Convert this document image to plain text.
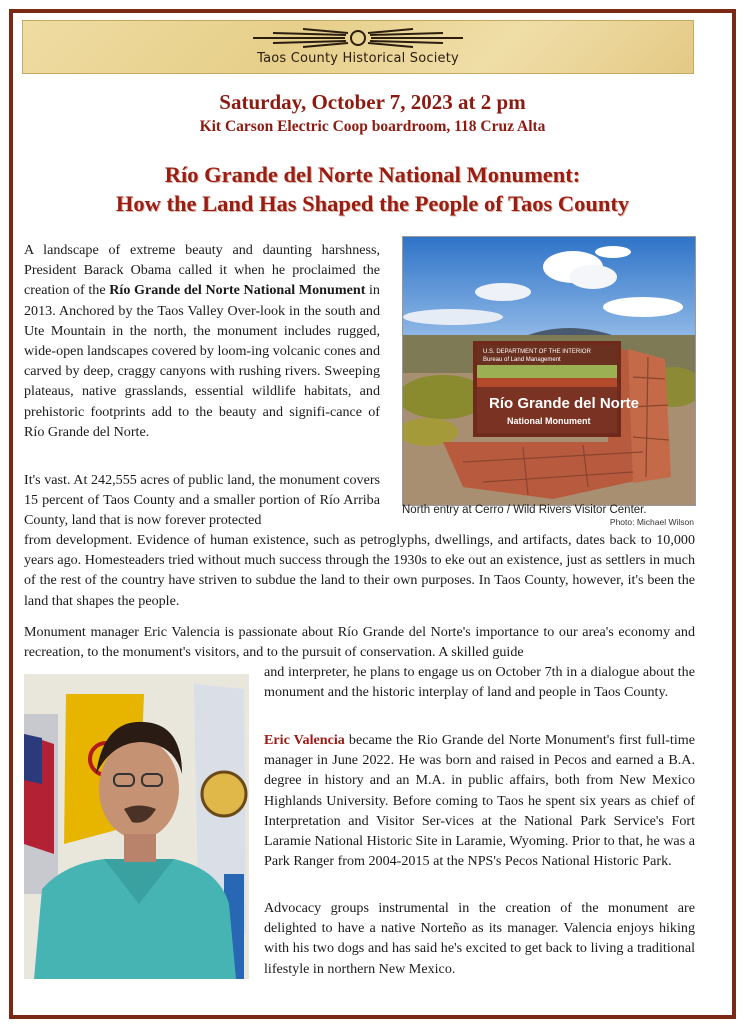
Taos County Historical Society
Saturday, October 7, 2023 at 2 pm
Kit Carson Electric Coop boardroom, 118 Cruz Alta
Río Grande del Norte National Monument:
How the Land Has Shaped the People of Taos County

A landscape of extreme beauty and daunting harshness, President Barack Obama called it when he proclaimed the creation of the Río Grande del Norte National Monument in 2013. Anchored by the Taos Valley Over-look in the south and Ute Mountain in the north, the monument includes rugged, wide-open landscapes covered by loom-ing volcanic cones and carved by deep, craggy canyons with rushing rivers. Sweeping plateaus, native grasslands, essential wildlife habitats, and prehistoric footprints add to the beauty and signifi-cance of Río Grande del Norte.

U.S. DEPARTMENT OF THE INTERIOR
Bureau of Land Management
Río Grande del Norte
National Monument
North entry at Cerro / Wild Rivers Visitor Center.
Photo: Michael Wilson

It's vast. At 242,555 acres of public land, the monument covers 15 percent of Taos County and a smaller portion of Río Arriba County, land that is now forever protected

from development. Evidence of human existence, such as petroglyphs, dwellings, and artifacts, dates back to 10,000 years ago. Homesteaders tried without much success through the 1930s to eke out an existence, just as settlers in much of the rest of the country have striven to subdue the land to their own purposes. In Taos County, however, it's been the land that shapes the people.

Monument manager Eric Valencia is passionate about Río Grande del Norte's importance to our area's economy and recreation, to the monument's visitors, and to the pursuit of conservation. A skilled guide

and interpreter, he plans to engage us on October 7th in a dialogue about the monument and the historic interplay of land and people in Taos County.

Eric Valencia became the Rio Grande del Norte Monument's first full-time manager in June 2022. He was born and raised in Pecos and earned a B.A. degree in history and an M.A. in public affairs, both from New Mexico Highlands University. Before coming to Taos he spent six years as chief of Interpretation and Visitor Ser-vices at the National Park Service's Fort Laramie National Historic Site in Laramie, Wyoming. Prior to that, he was a Park Ranger from 2004-2015 at the NPS's Pecos National Historic Park.

Advocacy groups instrumental in the creation of the monument are delighted to have a native Norteño as its manager. Valencia enjoys hiking with his two dogs and has said he's excited to get back to living a traditional lifestyle in northern New Mexico.
